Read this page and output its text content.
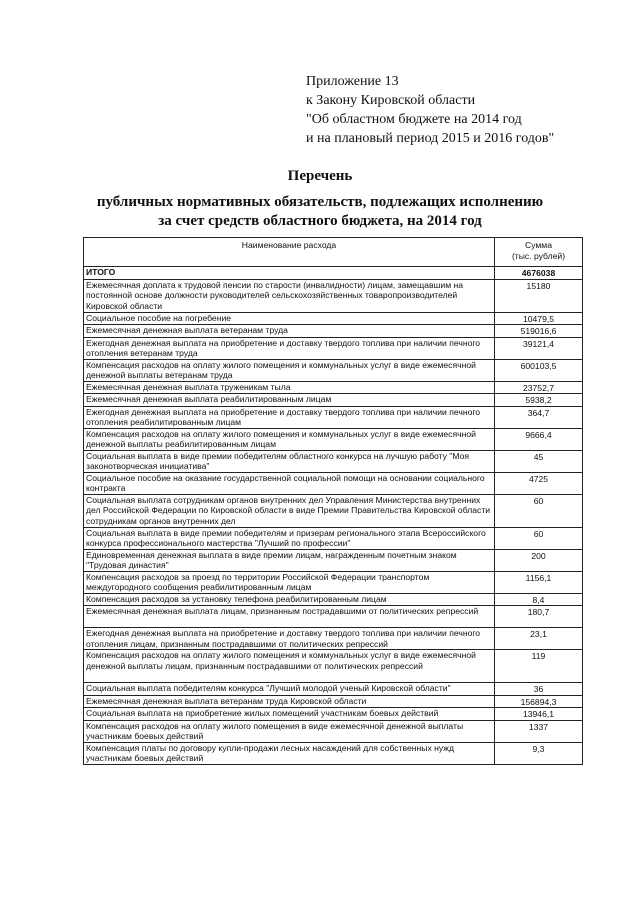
Приложение 13
к Закону Кировской области
"Об областном бюджете на 2014 год
и на плановый период 2015 и 2016 годов"
Перечень
публичных нормативных обязательств, подлежащих исполнению
за счет средств областного бюджета, на 2014 год
Наименование расхода	Сумма
(тыс. рублей)

ИТОГО	4676038
Ежемесячная доплата к трудовой пенсии по старости (инвалидности) лицам, замещавшим на постоянной основе должности руководителей сельскохозяйственных товаропроизводителей Кировской области	15180
Социальное пособие на погребение	10479,5
Ежемесячная денежная выплата ветеранам труда	519016,6
Ежегодная денежная выплата на приобретение и доставку твердого топлива при наличии печного отопления ветеранам труда	39121,4
Компенсация расходов на оплату жилого помещения и коммунальных услуг в виде ежемесячной денежной выплаты ветеранам труда	600103,5
Ежемесячная денежная выплата труженикам тыла	23752,7
Ежемесячная денежная выплата реабилитированным лицам	5938,2
Ежегодная денежная выплата на приобретение и доставку твердого топлива при наличии печного отопления реабилитированным лицам	364,7
Компенсация расходов на оплату жилого помещения и коммунальных услуг в виде ежемесячной денежной выплаты реабилитированным лицам	9666,4
Социальная выплата в виде премии победителям областного конкурса на лучшую работу "Моя законотворческая инициатива"	45
Социальное пособие на оказание государственной социальной помощи на основании социального контракта	4725
Социальная выплата сотрудникам органов внутренних дел Управления Министерства внутренних дел Российской Федерации по Кировской области в виде Премии Правительства Кировской области сотрудникам органов внутренних дел	60
Социальная выплата в виде премии победителям и призерам регионального этапа Всероссийского конкурса профессионального мастерства "Лучший по профессии"	60
Единовременная денежная выплата в виде премии лицам, награжденным почетным знаком "Трудовая династия"	200
Компенсация расходов за проезд по территории Российской Федерации транспортом междугородного сообщения реабилитированным лицам	1156,1
Компенсация расходов за установку телефона реабилитированным лицам	8,4
Ежемесячная денежная выплата лицам, признанным пострадавшими от политических репрессий	180,7
Ежегодная денежная выплата на приобретение и доставку твердого топлива при наличии печного отопления лицам, признанным пострадавшими от политических репрессий	23,1
Компенсация расходов на оплату жилого помещения и коммунальных услуг в виде ежемесячной денежной выплаты лицам, признанным пострадавшими от политических репрессий	119
Социальная выплата победителям конкурса "Лучший молодой ученый Кировской области"	36
Ежемесячная денежная выплата ветеранам труда Кировской области	156894,3
Социальная выплата на приобретение жилых помещений участникам боевых действий	13946,1
Компенсация расходов на оплату жилого помещения в виде ежемесячной денежной выплаты участникам боевых действий	1337
Компенсация платы по договору купли-продажи лесных насаждений для собственных нужд участникам боевых действий	9,3
